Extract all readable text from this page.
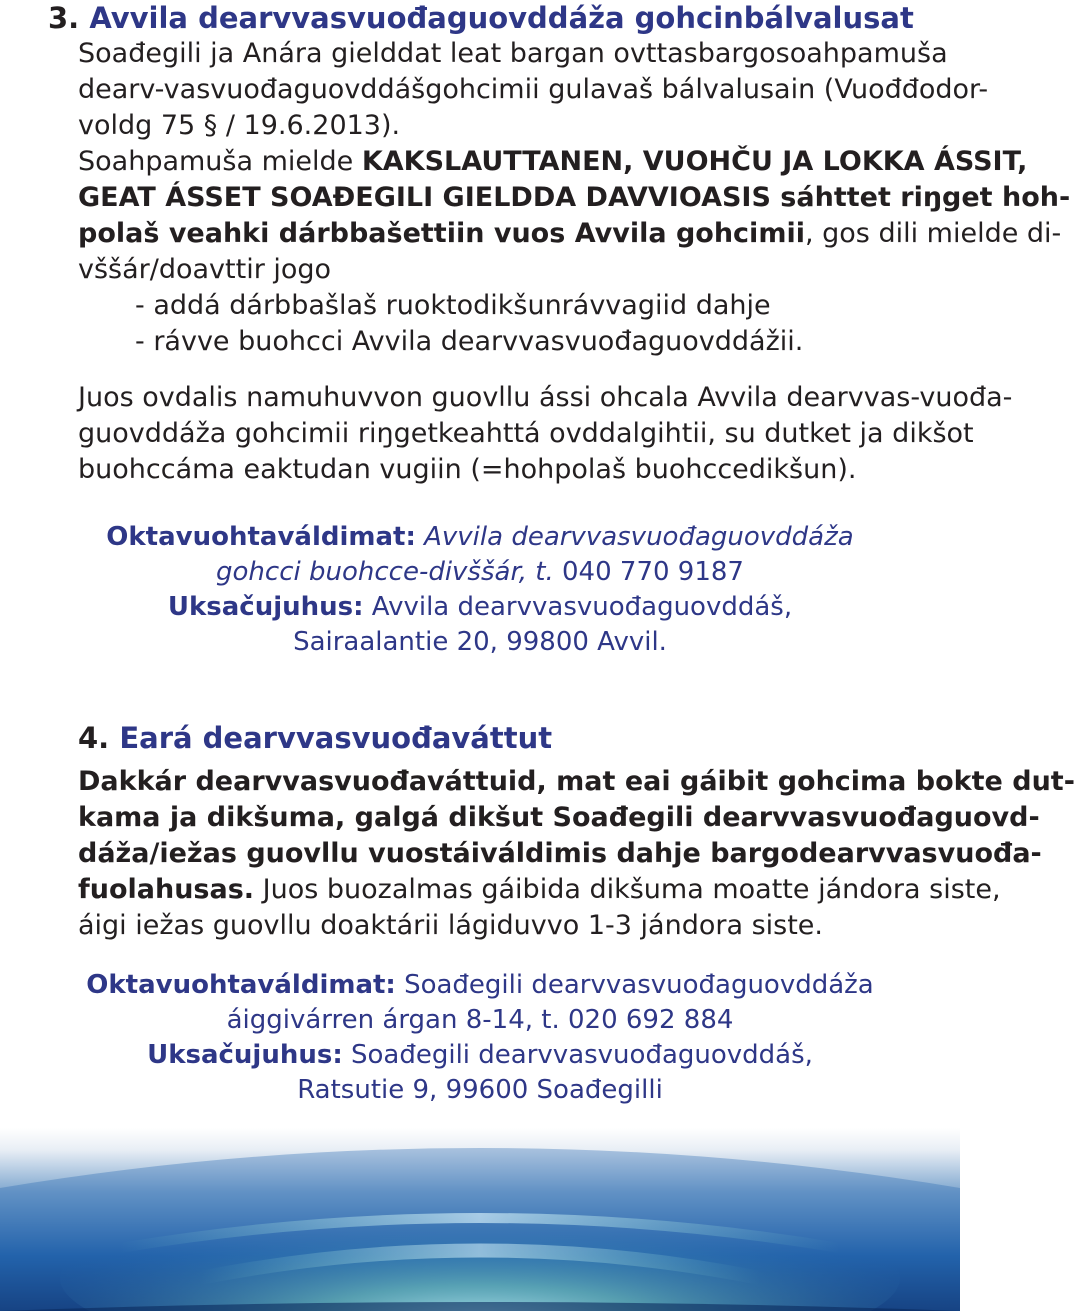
3. Avvila dearvvasvuođaguovddáža gohcinbálvalusat
Soađegili ja Anára gielddat leat bargan ovttasbargosoahpamuša
dearv-vasvuođaguovddášgohcimii gulavaš bálvalusain (Vuođđodor-
voldg 75 § / 19.6.2013).
Soahpamuša mielde KAKSLAUTTANEN, VUOHČU JA LOKKA ÁSSIT,
GEAT ÁSSET SOAĐEGILI GIELDDA DAVVIOASIS sáhttet riŋget hoh-
polaš veahki dárbbašettiin vuos Avvila gohcimii, gos dili mielde di-
vššár/doavttir jogo
- addá dárbbašlaš ruoktodikšunrávvagiid dahje
- rávve buohcci Avvila dearvvasvuođaguovddážii.
Juos ovdalis namuhuvvon guovllu ássi ohcala Avvila dearvvas-vuođa-
guovddáža gohcimii riŋgetkeahttá ovddalgihtii, su dutket ja dikšot
buohccáma eaktudan vugiin (=hohpolaš buohccedikšun).
Oktavuohtaváldimat: Avvila dearvvasvuođaguovddáža
gohcci buohcce-divššár, t. 040 770 9187
Uksačujuhus: Avvila dearvvasvuođaguovddáš,
Sairaalantie 20, 99800 Avvil.
4. Eará dearvvasvuođaváttut
Dakkár dearvvasvuođaváttuid, mat eai gáibit gohcima bokte dut-
kama ja dikšuma, galgá dikšut Soađegili dearvvasvuođaguovd-
dáža/iežas guovllu vuostáiváldimis dahje bargodearvvasvuođa-
fuolahusas. Juos buozalmas gáibida dikšuma moatte jándora siste,
áigi iežas guovllu doaktárii lágiduvvo 1-3 jándora siste.
Oktavuohtaváldimat: Soađegili dearvvasvuođaguovddáža
áiggivárren árgan 8-14, t. 020 692 884
Uksačujuhus: Soađegili dearvvasvuođaguovddáš,
Ratsutie 9, 99600 Soađegilli
